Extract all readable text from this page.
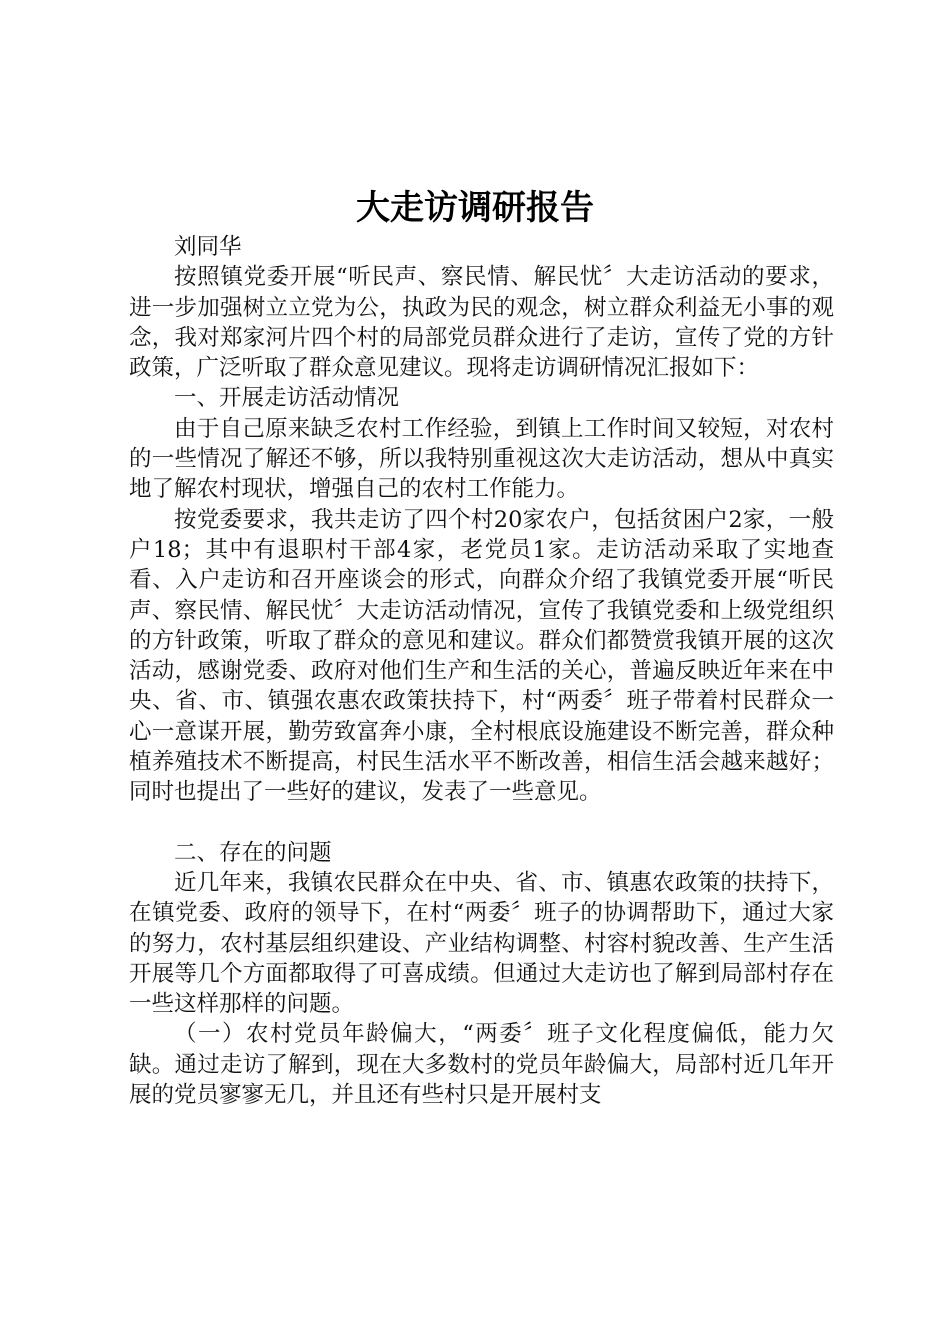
大走访调研报告

刘同华

按照镇党委开展“听民声、察民情、解民忧〞大走访活动的要求，进一步加强树立立党为公，执政为民的观念，树立群众利益无小事的观念，我对郑家河片四个村的局部党员群众进行了走访，宣传了党的方针政策，广泛听取了群众意见建议。现将走访调研情况汇报如下：

一、开展走访活动情况

由于自己原来缺乏农村工作经验，到镇上工作时间又较短，对农村的一些情况了解还不够，所以我特别重视这次大走访活动，想从中真实地了解农村现状，增强自己的农村工作能力。

按党委要求，我共走访了四个村20家农户，包括贫困户2家，一般户18；其中有退职村干部4家，老党员1家。走访活动采取了实地查看、入户走访和召开座谈会的形式，向群众介绍了我镇党委开展“听民声、察民情、解民忧〞大走访活动情况，宣传了我镇党委和上级党组织的方针政策，听取了群众的意见和建议。群众们都赞赏我镇开展的这次活动，感谢党委、政府对他们生产和生活的关心，普遍反映近年来在中央、省、市、镇强农惠农政策扶持下，村“两委〞班子带着村民群众一心一意谋开展，勤劳致富奔小康，全村根底设施建设不断完善，群众种植养殖技术不断提高，村民生活水平不断改善，相信生活会越来越好；同时也提出了一些好的建议，发表了一些意见。

二、存在的问题

近几年来，我镇农民群众在中央、省、市、镇惠农政策的扶持下，在镇党委、政府的领导下，在村“两委〞班子的协调帮助下，通过大家的努力，农村基层组织建设、产业结构调整、村容村貌改善、生产生活开展等几个方面都取得了可喜成绩。但通过大走访也了解到局部村存在一些这样那样的问题。

（一）农村党员年龄偏大，“两委〞班子文化程度偏低，能力欠缺。通过走访了解到，现在大多数村的党员年龄偏大，局部村近几年开展的党员寥寥无几，并且还有些村只是开展村支
